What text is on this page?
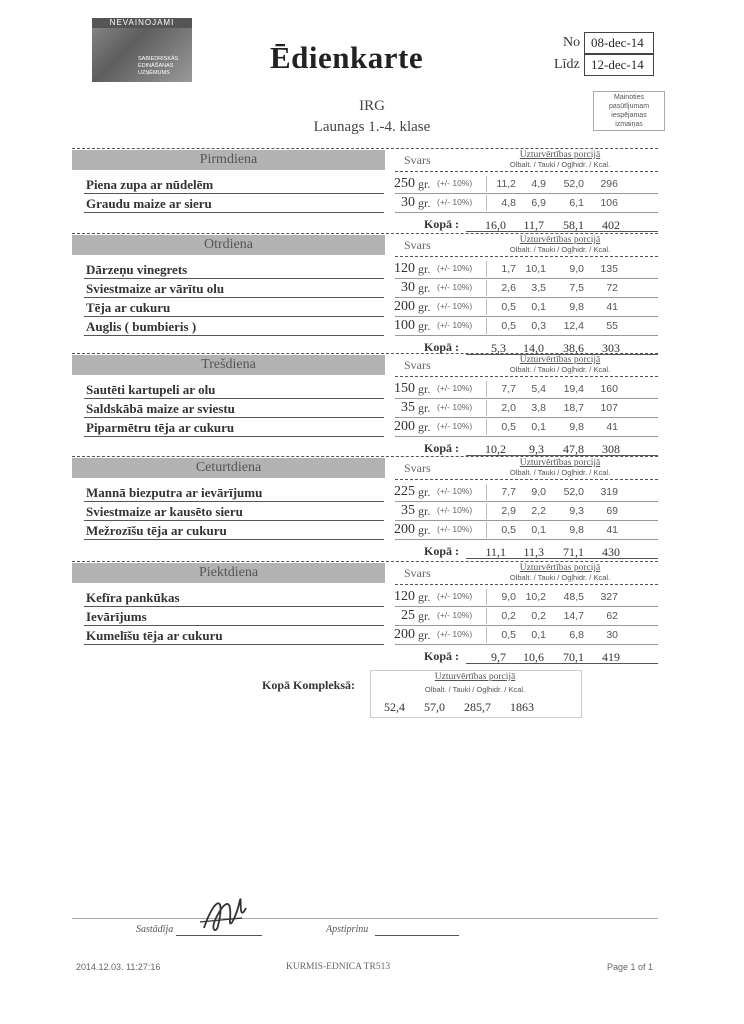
NEVAINOJAMI
SABIEDRISKĀS
ĒDINĀŠANAS
UZŅĒMUMS	Ēdienkarte	No 08-dec-14
Līdz 12-dec-14
IRG
Launags 1.-4. klase
Mainoties
pasūtījumam
iespējamas
izmaiņas
Pirmdiena	Svars	Uzturvērtības porcijā
Olbalt. / Tauki / Ogļhidr. / Kcal.
Piena zupa ar nūdelēm	250 gr. (+/- 10%)	11,2	4,9	52,0	296
Graudu maize ar sieru	30 gr. (+/- 10%)	4,8	6,9	6,1	106
Kopā :	16,0	11,7	58,1	402
Otrdiena	Svars	Uzturvērtības porcijā
Olbalt. / Tauki / Ogļhidr. / Kcal.
Dārzeņu vinegrets	120 gr. (+/- 10%)	1,7 10,1	9,0	135
Sviestmaize ar vārītu olu	30 gr. (+/- 10%)	2,6	3,5	7,5	72
Tēja ar cukuru	200 gr. (+/- 10%)	0,5	0,1	9,8	41
Auglis ( bumbieris )	100 gr. (+/- 10%)	0,5	0,3	12,4	55
Kopā :	5,3	14,0	38,6	303
Trešdiena	Svars	Uzturvērtības porcijā
Olbalt. / Tauki / Ogļhidr. / Kcal.
Sautēti kartupeli ar olu	150 gr. (+/- 10%)	7,7	5,4	19,4	160
Saldskābā maize ar sviestu	35 gr. (+/- 10%)	2,0	3,8	18,7	107
Piparmētru tēja ar cukuru	200 gr. (+/- 10%)	0,5	0,1	9,8	41
Kopā :	10,2	9,3	47,8	308
Ceturtdiena	Svars	Uzturvērtības porcijā
Olbalt. / Tauki / Ogļhidr. / Kcal.
Mannā biezputra ar ievārījumu	225 gr. (+/- 10%)	7,7	9,0	52,0	319
Sviestmaize ar kausēto sieru	35 gr. (+/- 10%)	2,9	2,2	9,3	69
Mežrozīšu tēja ar cukuru	200 gr. (+/- 10%)	0,5	0,1	9,8	41
Kopā :	11,1	11,3	71,1	430
Piektdiena	Svars	Uzturvērtības porcijā
Olbalt. / Tauki / Ogļhidr. / Kcal.
Kefīra pankūkas	120 gr. (+/- 10%)	9,0 10,2	48,5	327
Ievārījums	25 gr. (+/- 10%)	0,2	0,2	14,7	62
Kumelīšu tēja ar cukuru	200 gr. (+/- 10%)	0,5	0,1	6,8	30
Kopā :	9,7	10,6	70,1	419
Kopā Kompleksā:
Uzturvērtības porcijā
Olbalt. / Tauki / Ogļhidr. / Kcal.
52,4	57,0	285,7	1863
Sastādīja	Apstiprinu
2014.12.03. 11:27:16	KURMIS-EDNICA TR513	Page 1 of 1
